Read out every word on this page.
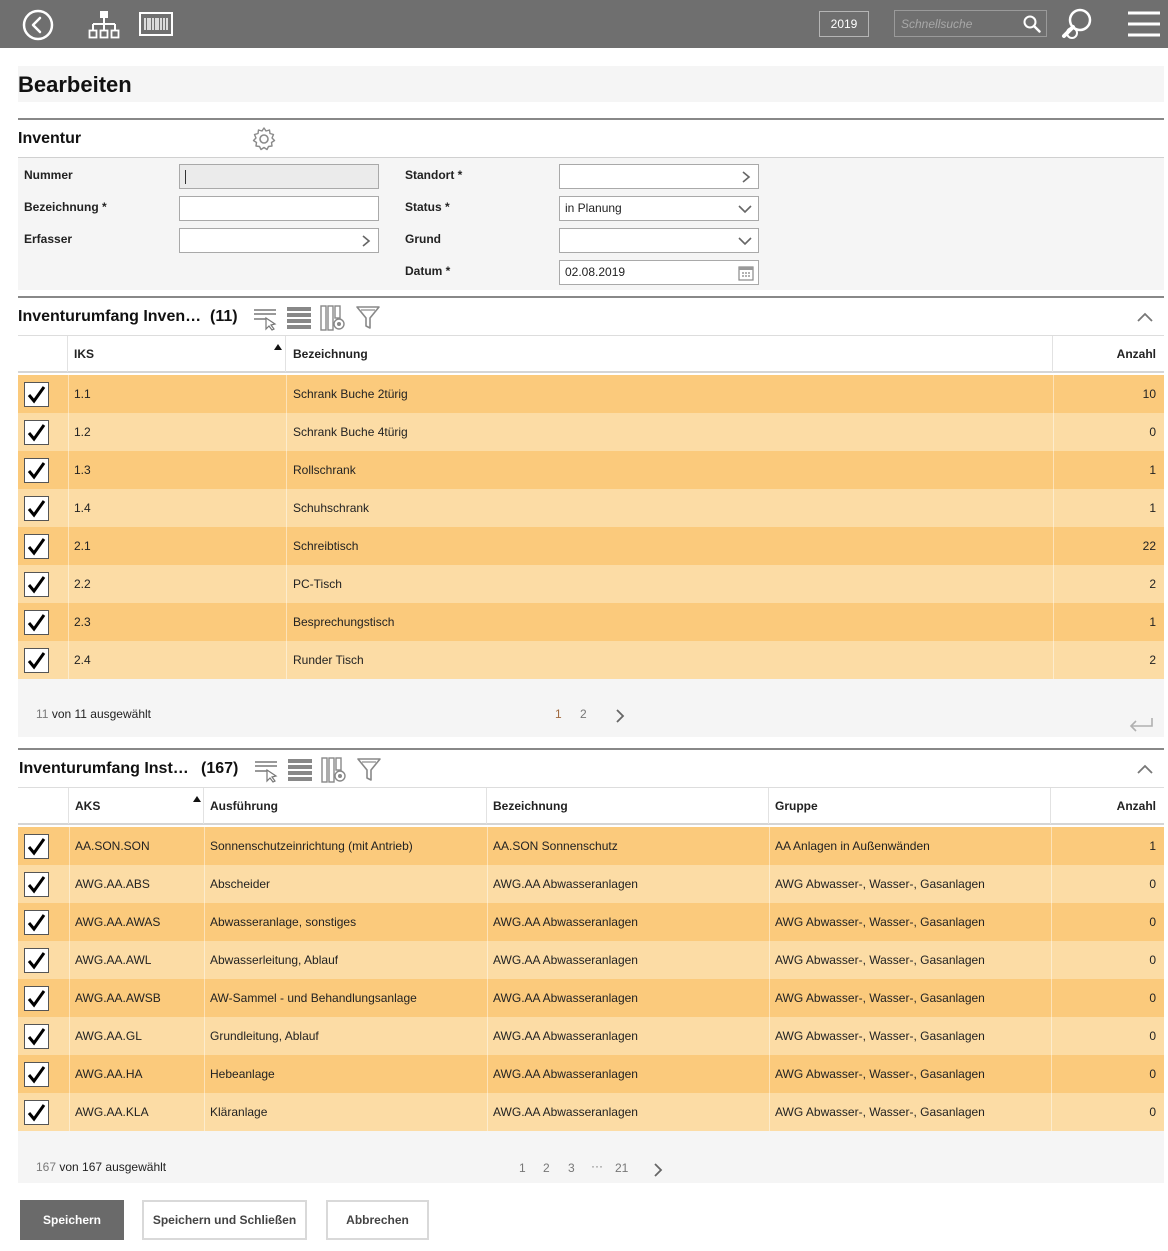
2019
Schnellsuche
Bearbeiten
Inventur
Nummer
Bezeichnung *
Erfasser
Standort *
Status *	in Planung
Grund
Datum *	02.08.2019
Inventurumfang Inven… (11)
IKS	Bezeichnung	Anzahl
1.1	Schrank Buche 2türig	10
1.2	Schrank Buche 4türig	0
1.3	Rollschrank	1
1.4	Schuhschrank	1
2.1	Schreibtisch	22
2.2	PC-Tisch	2
2.3	Besprechungstisch	1
2.4	Runder Tisch	2
11 von 11 ausgewählt	1 2
Inventurumfang Inst… (167)
AKS	Ausführung	Bezeichnung	Gruppe	Anzahl
AA.SON.SON	Sonnenschutzeinrichtung (mit Antrieb)	AA.SON Sonnenschutz	AA Anlagen in Außenwänden	1
AWG.AA.ABS	Abscheider	AWG.AA Abwasseranlagen	AWG Abwasser-, Wasser-, Gasanlagen	0
AWG.AA.AWAS	Abwasseranlage, sonstiges	AWG.AA Abwasseranlagen	AWG Abwasser-, Wasser-, Gasanlagen	0
AWG.AA.AWL	Abwasserleitung, Ablauf	AWG.AA Abwasseranlagen	AWG Abwasser-, Wasser-, Gasanlagen	0
AWG.AA.AWSB	AW-Sammel - und Behandlungsanlage	AWG.AA Abwasseranlagen	AWG Abwasser-, Wasser-, Gasanlagen	0
AWG.AA.GL	Grundleitung, Ablauf	AWG.AA Abwasseranlagen	AWG Abwasser-, Wasser-, Gasanlagen	0
AWG.AA.HA	Hebeanlage	AWG.AA Abwasseranlagen	AWG Abwasser-, Wasser-, Gasanlagen	0
AWG.AA.KLA	Kläranlage	AWG.AA Abwasseranlagen	AWG Abwasser-, Wasser-, Gasanlagen	0
167 von 167 ausgewählt	1 2 3 ··· 21
Speichern	Speichern und Schließen	Abbrechen
